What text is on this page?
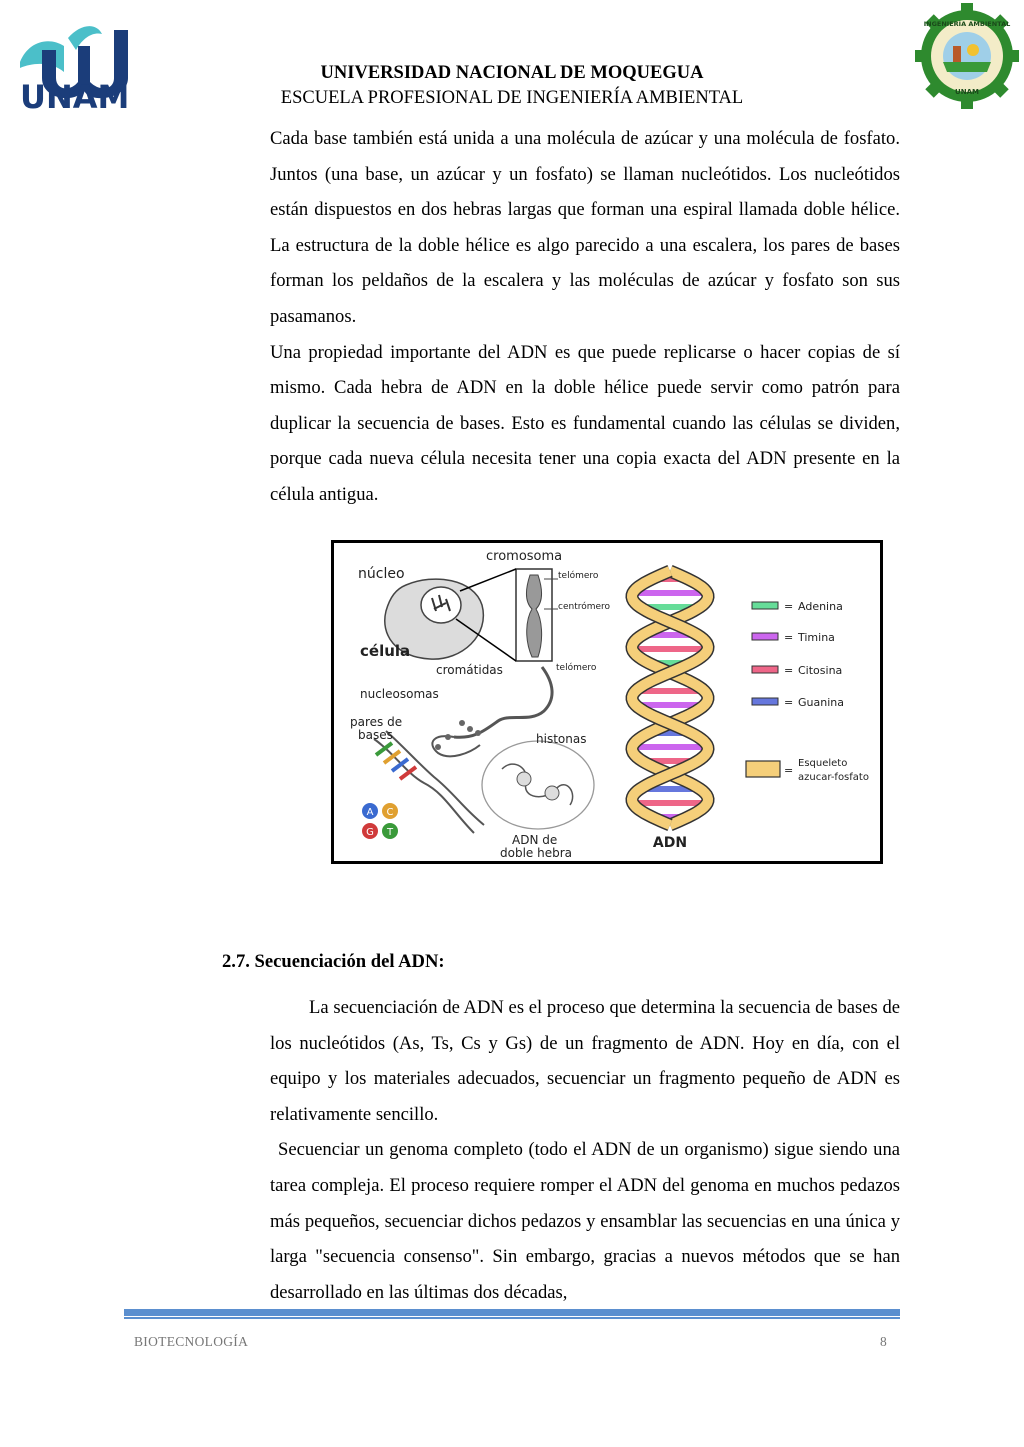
UNAM
INGENIERÍA AMBIENTAL
UNAM
UNIVERSIDAD NACIONAL DE MOQUEGUA
ESCUELA PROFESIONAL DE INGENIERÍA AMBIENTAL

Cada base también está unida a una molécula de azúcar y una molécula de fosfato. Juntos (una base, un azúcar y un fosfato) se llaman nucleótidos. Los nucleótidos están dispuestos en dos hebras largas que forman una espiral llamada doble hélice. La estructura de la doble hélice es algo parecido a una escalera, los pares de bases forman los peldaños de la escalera y las moléculas de azúcar y fosfato son sus pasamanos.

Una propiedad importante del ADN es que puede replicarse o hacer copias de sí mismo. Cada hebra de ADN en la doble hélice puede servir como patrón para duplicar la secuencia de bases. Esto es fundamental cuando las células se dividen, porque cada nueva célula necesita tener una copia exacta del ADN presente en la célula antigua.

A C
G T
cromosoma
núcleo	telómero
centrómero
célula
cromátidas	telómero
nucleosomas
pares de
bases	histonas
ADN de
doble hebra
ADN
= Adenina
= Timina
= Citosina
= Guanina
=
Esqueleto
azucar-fosfato
2.7. Secuenciación del ADN:

La secuenciación de ADN es el proceso que determina la secuencia de bases de los nucleótidos (As, Ts, Cs y Gs) de un fragmento de ADN. Hoy en día, con el equipo y los materiales adecuados, secuenciar un fragmento pequeño de ADN es relativamente sencillo.

Secuenciar un genoma completo (todo el ADN de un organismo) sigue siendo una tarea compleja. El proceso requiere romper el ADN del genoma en muchos pedazos más pequeños, secuenciar dichos pedazos y ensamblar las secuencias en una única y larga "secuencia consenso". Sin embargo, gracias a nuevos métodos que se han desarrollado en las últimas dos décadas,

BIOTECNOLOGÍA	8
